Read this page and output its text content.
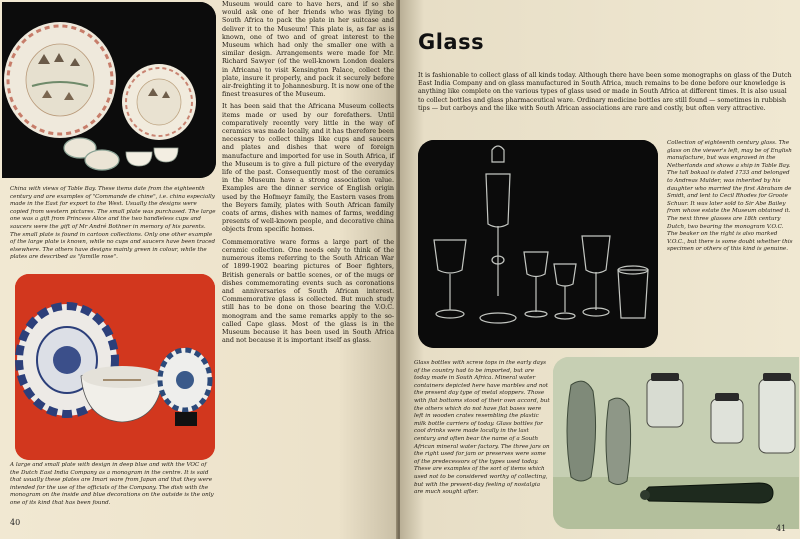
China with views of Table Bay. These items date from the eighteenth century and are examples of "Commande de chine", i.e. china especially made in the East for export to the West. Usually the designs were copied from western pictures. The small plate was purchased. The large one was a gift from Princess Alice and the two handleless cups and saucers were the gift of Mr André Bothner in memory of his parents. The small plate is found in cartoon collections. Only one other example of the large plate is known, while no cups and saucers have been traced elsewhere. The others have designs mainly green in colour, while the plates are described as "famille rose".
A large and small plate with design in deep blue and with the VOC of the Dutch East India Company as a monogram in the centre. It is said that usually these plates are Imari ware from Japan and that they were intended for the use of the officials of the Company. The dish with the monogram on the inside and blue decorations on the outside is the only one of its kind that has been found.

Museum would care to have hers, and if so she would ask one of her friends who was flying to South Africa to pack the plate in her suitcase and deliver it to the Museum! This plate is, as far as is known, one of two and of great interest to the Museum which had only the smaller one with a similar design. Arrangements were made for Mr. Richard Sawyer (of the well-known London dealers in Africana) to visit Kensington Palace, collect the plate, insure it properly, and pack it securely before air-freighting it to Johannesburg. It is now one of the finest treasures of the Museum.

It has been said that the Africana Museum collects items made or used by our forefathers. Until comparatively recently very little in the way of ceramics was made locally, and it has therefore been necessary to collect things like cups and saucers and plates and dishes that were of foreign manufacture and imported for use in South Africa, if the Museum is to give a full picture of the everyday life of the past. Consequently most of the ceramics in the Museum have a strong association value. Examples are the dinner service of English origin used by the Hofmeyr family, the Eastern vases from the Beyers family, plates with South African family coats of arms, dishes with names of farms, wedding presents of well-known people, and decorative china objects from specific homes.

Commemorative ware forms a large part of the ceramic collection. One needs only to think of the numerous items referring to the South African War of 1899-1902 bearing pictures of Boer fighters, British generals or battle scenes, or of the mugs or dishes commemorating events such as coronations and anniversaries of South African interest. Commemorative glass is collected. But much study still has to be done on those bearing the V.O.C. monogram and the same remarks apply to the so-called Cape glass. Most of the glass is in the Museum because it has been used in South Africa and not because it is important itself as glass.

40
Glass
It is fashionable to collect glass of all kinds today. Although there have been some monographs on glass of the Dutch East India Company and on glass manufactured in South Africa, much remains to be done before our knowledge is anything like complete on the various types of glass used or made in South Africa at different times. It is also usual to collect bottles and glass pharmaceutical ware. Ordinary medicine bottles are still found — sometimes in rubbish tips — but carboys and the like with South African associations are rare and costly, but often very attractive.
Collection of eighteenth century glass. The glass on the viewer's left, may be of English manufacture, but was engraved in the Netherlands and shows a ship in Table Bay. The tall bokaal is dated 1733 and belonged to Andreas Mulder, was inherited by his daughter who married the first Abraham de Smidt, and lent to Cecil Rhodes for Groote Schuur. It was later sold to Sir Abe Bailey from whose estate the Museum obtained it. The next three glasses are 18th century Dutch, two bearing the monogram V.O.C. The beaker on the right is also marked V.O.C., but there is some doubt whether this specimen or others of this kind is genuine.
Glass bottles with screw tops in the early days of the country had to be imported, but are today made in South Africa. Mineral water containers depicted here have marbles and not the present day type of metal stoppers. Those with flat bottoms stood of their own accord, but the others which do not have flat bases were left in wooden crates resembling the plastic milk bottle carriers of today. Glass bottles for cool drinks were made locally in the last century and often bear the name of a South African mineral water factory. The three jars on the right used for jam or preserves were some of the predecessors of the types used today. These are examples of the sort of items which used not to be considered worthy of collecting, but with the present-day feeling of nostalgia are much sought after.
41
